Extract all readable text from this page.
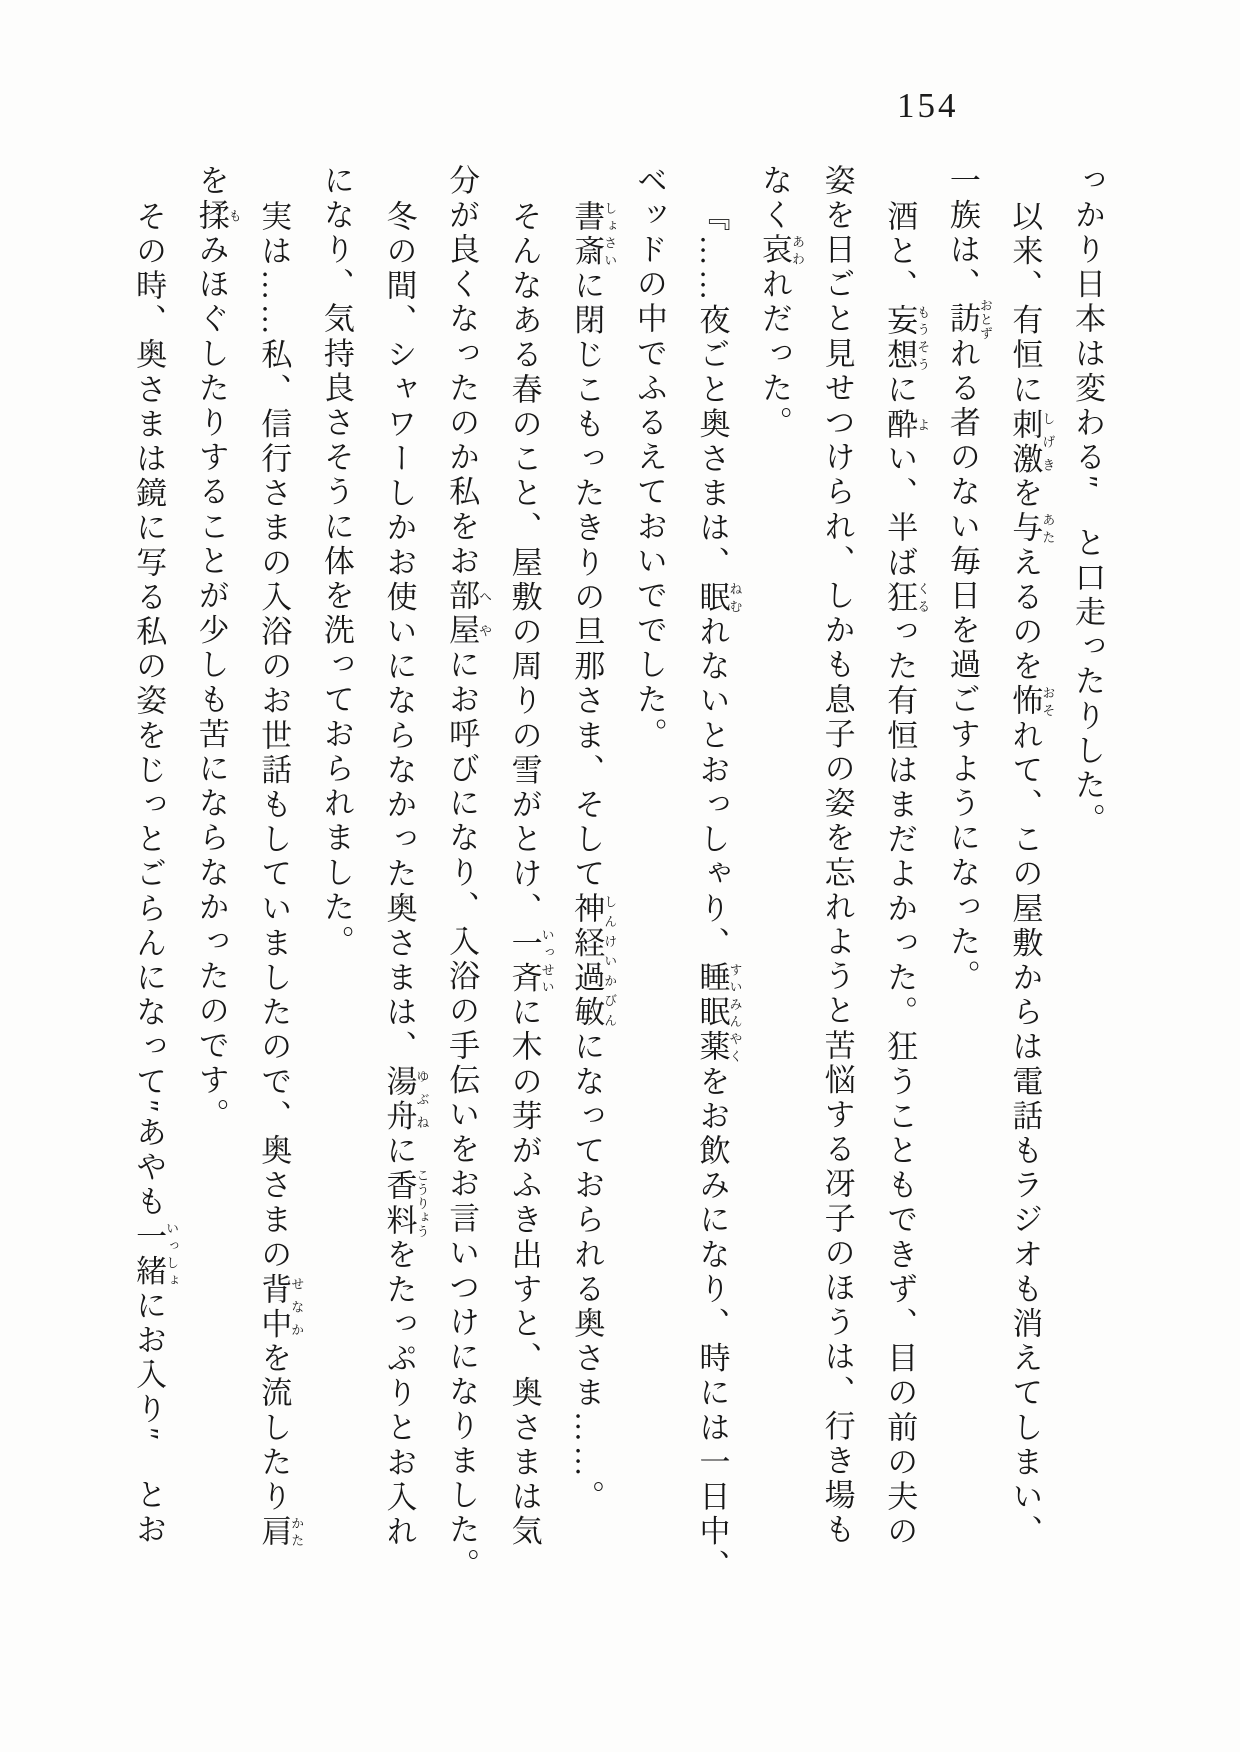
154

っかり日本は変わる″　と口走ったりした。

以来、有恒に刺激しげきを与あたえるのを怖おそれて、この屋敷からは電話もラジオも消えてしまい、

一族は、訪おとずれる者のない毎日を過ごすようになった。

酒と、妄想もうそうに酔よい、半ば狂くるった有恒はまだよかった。狂うこともできず、目の前の夫の

姿を日ごと見せつけられ、しかも息子の姿を忘れようと苦悩する冴子のほうは、行き場も

なく哀あわれだった。

『……夜ごと奥さまは、眠ねむれないとおっしゃり、睡眠薬すいみんやくをお飲みになり、時には一日中、

ベッドの中でふるえておいででした。

書斎しょさいに閉じこもったきりの旦那さま、そして神経過敏しんけいかびんになっておられる奥さま……。

そんなある春のこと、屋敷の周りの雪がとけ、一斉いっせいに木の芽がふき出すと、奥さまは気

分が良くなったのか私をお部屋へやにお呼びになり、入浴の手伝いをお言いつけになりました。

冬の間、シャワーしかお使いにならなかった奥さまは、湯舟ゆぶねに香料こうりょうをたっぷりとお入れ

になり、気持良さそうに体を洗っておられました。

実は……私、信行さまの入浴のお世話もしていましたので、奥さまの背中せなかを流したり肩かた

を揉もみほぐしたりすることが少しも苦にならなかったのです。

その時、奥さまは鏡に写る私の姿をじっとごらんになって″あやも一緒いっしょにお入り″　とお
